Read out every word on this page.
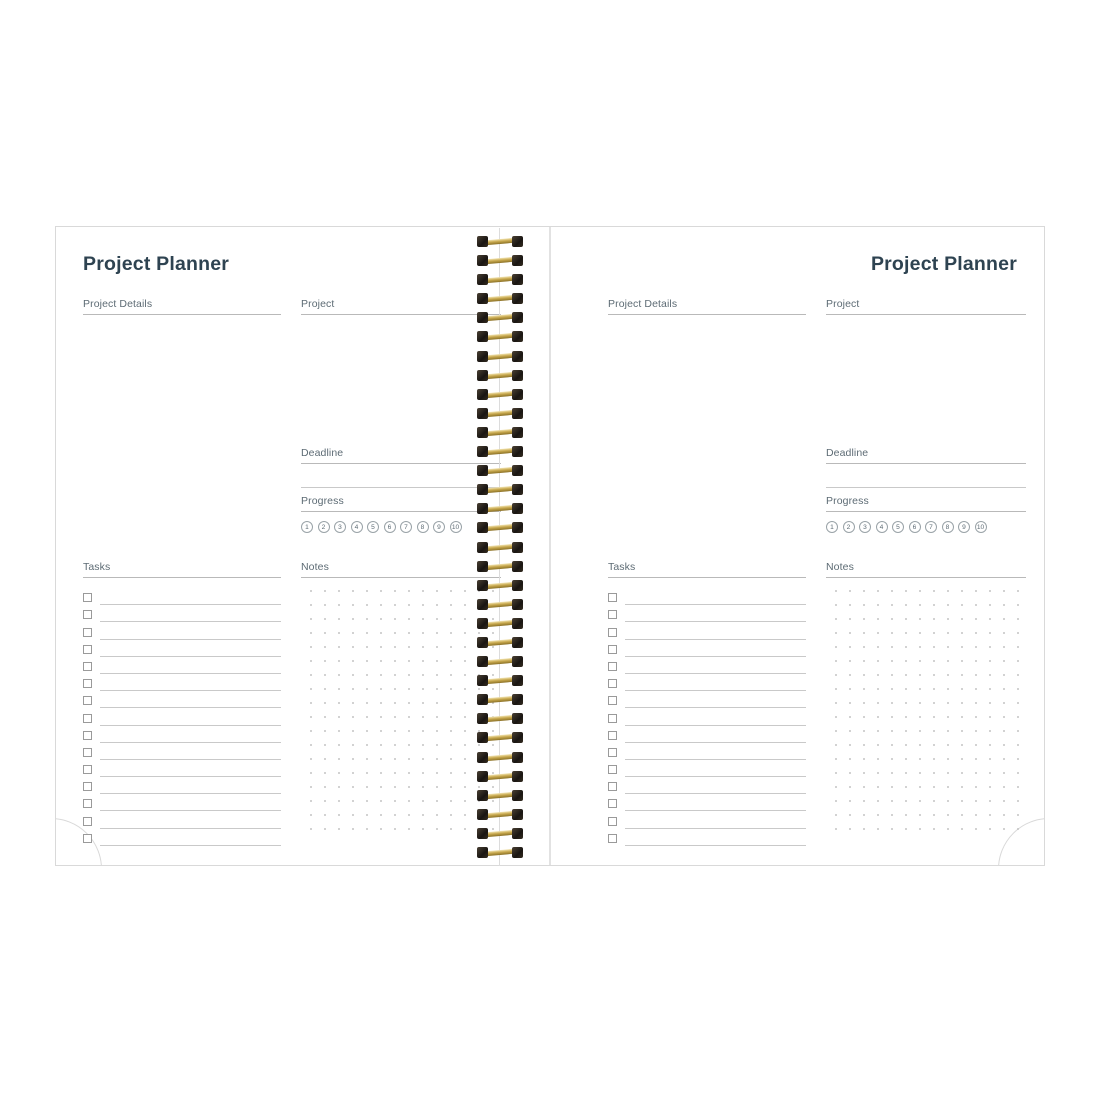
Project Planner
Project Details
Tasks
Project
Deadline
Progress
1	2	3	4	5	6	7	8	9	10
Notes
Project Planner
Project Details
Tasks
Project
Deadline
Progress
1	2	3	4	5	6	7	8	9	10
Notes
